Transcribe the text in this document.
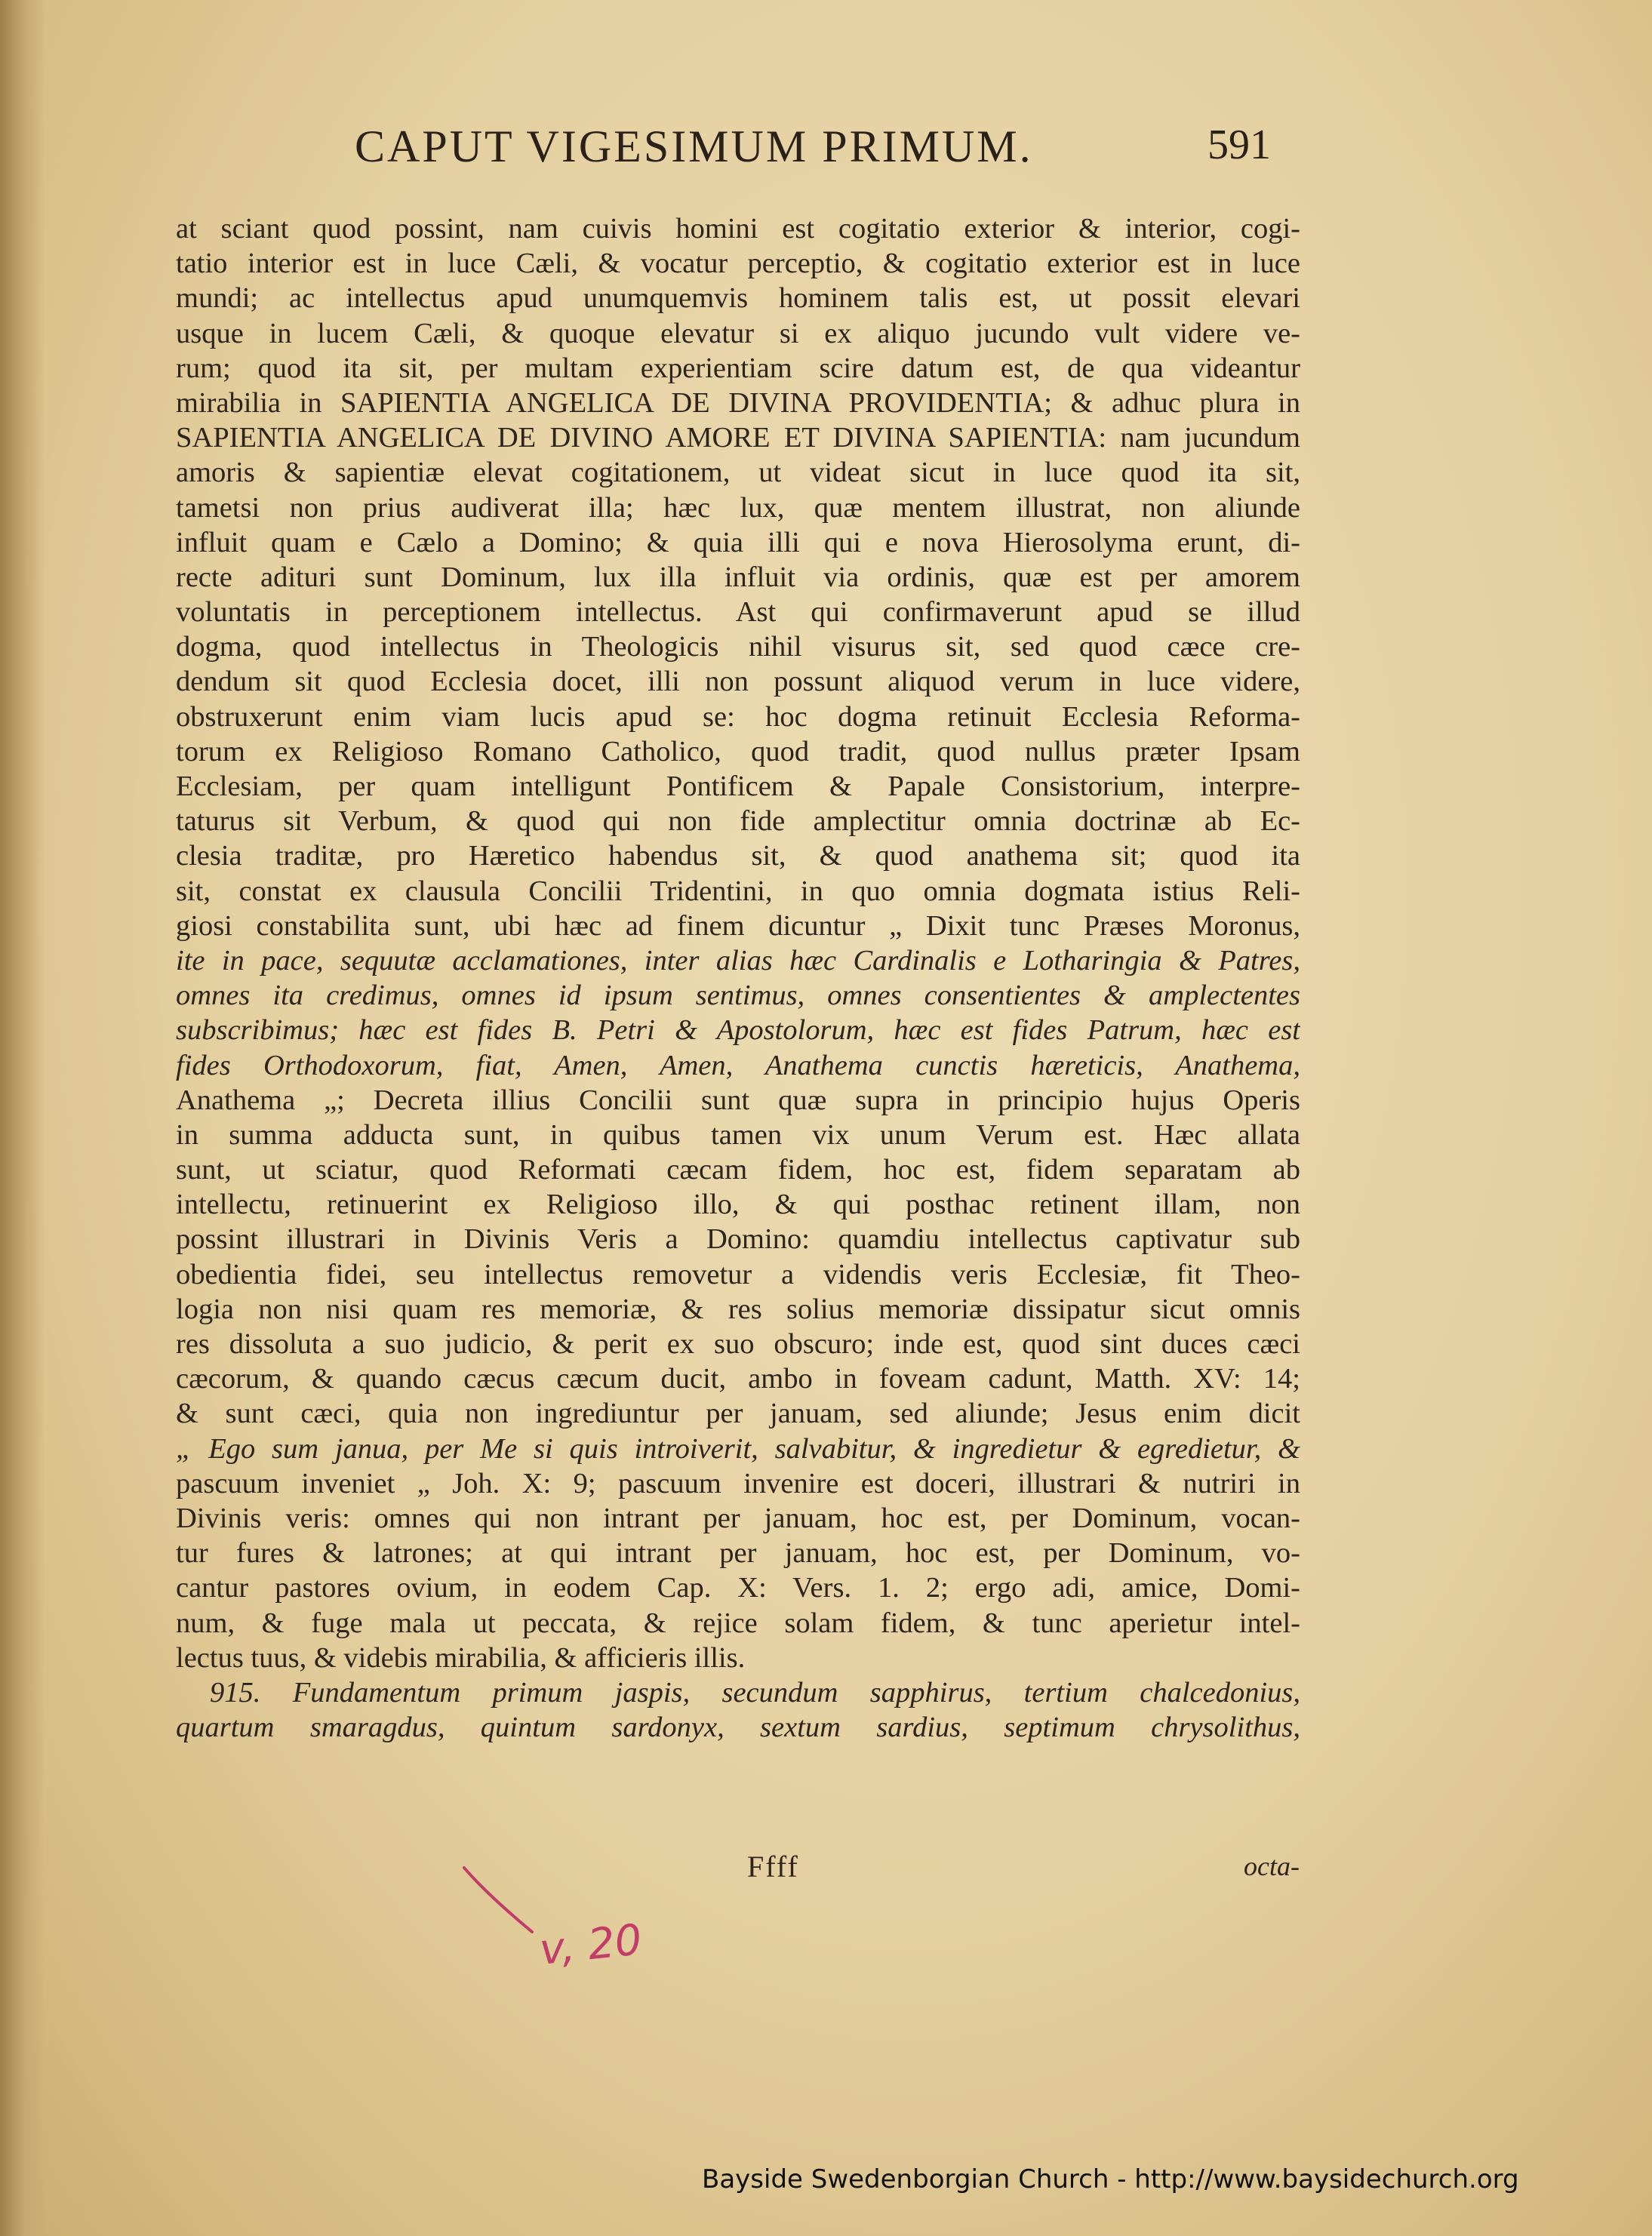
CAPUT VIGESIMUM PRIMUM.	591
at sciant quod possint, nam cuivis homini est cogitatio exterior & interior, cogi-
tatio interior est in luce Cæli, & vocatur perceptio, & cogitatio exterior est in luce
mundi; ac intellectus apud unumquemvis hominem talis est, ut possit elevari
usque in lucem Cæli, & quoque elevatur si ex aliquo jucundo vult videre ve-
rum; quod ita sit, per multam experientiam scire datum est, de qua videantur
mirabilia in SAPIENTIA ANGELICA DE DIVINA PROVIDENTIA; & adhuc plura in
SAPIENTIA ANGELICA DE DIVINO AMORE ET DIVINA SAPIENTIA: nam jucundum
amoris & sapientiæ elevat cogitationem, ut videat sicut in luce quod ita sit,
tametsi non prius audiverat illa; hæc lux, quæ mentem illustrat, non aliunde
influit quam e Cælo a Domino; & quia illi qui e nova Hierosolyma erunt, di-
recte adituri sunt Dominum, lux illa influit via ordinis, quæ est per amorem
voluntatis in perceptionem intellectus. Ast qui confirmaverunt apud se illud
dogma, quod intellectus in Theologicis nihil visurus sit, sed quod cæce cre-
dendum sit quod Ecclesia docet, illi non possunt aliquod verum in luce videre,
obstruxerunt enim viam lucis apud se: hoc dogma retinuit Ecclesia Reforma-
torum ex Religioso Romano Catholico, quod tradit, quod nullus præter Ipsam
Ecclesiam, per quam intelligunt Pontificem & Papale Consistorium, interpre-
taturus sit Verbum, & quod qui non fide amplectitur omnia doctrinæ ab Ec-
clesia traditæ, pro Hæretico habendus sit, & quod anathema sit; quod ita
sit, constat ex clausula Concilii Tridentini, in quo omnia dogmata istius Reli-
giosi constabilita sunt, ubi hæc ad finem dicuntur „ Dixit tunc Præses Moronus,
ite in pace, sequutæ acclamationes, inter alias hæc Cardinalis e Lotharingia & Patres,
omnes ita credimus, omnes id ipsum sentimus, omnes consentientes & amplectentes
subscribimus; hæc est fides B. Petri & Apostolorum, hæc est fides Patrum, hæc est
fides Orthodoxorum, fiat, Amen, Amen, Anathema cunctis hæreticis, Anathema,
Anathema „; Decreta illius Concilii sunt quæ supra in principio hujus Operis
in summa adducta sunt, in quibus tamen vix unum Verum est. Hæc allata
sunt, ut sciatur, quod Reformati cæcam fidem, hoc est, fidem separatam ab
intellectu, retinuerint ex Religioso illo, & qui posthac retinent illam, non
possint illustrari in Divinis Veris a Domino: quamdiu intellectus captivatur sub
obedientia fidei, seu intellectus removetur a videndis veris Ecclesiæ, fit Theo-
logia non nisi quam res memoriæ, & res solius memoriæ dissipatur sicut omnis
res dissoluta a suo judicio, & perit ex suo obscuro; inde est, quod sint duces cæci
cæcorum, & quando cæcus cæcum ducit, ambo in foveam cadunt, Matth. XV: 14;
& sunt cæci, quia non ingrediuntur per januam, sed aliunde; Jesus enim dicit
„ Ego sum janua, per Me si quis introiverit, salvabitur, & ingredietur & egredietur, &
pascuum inveniet „ Joh. X: 9; pascuum invenire est doceri, illustrari & nutriri in
Divinis veris: omnes qui non intrant per januam, hoc est, per Dominum, vocan-
tur fures & latrones; at qui intrant per januam, hoc est, per Dominum, vo-
cantur pastores ovium, in eodem Cap. X: Vers. 1. 2; ergo adi, amice, Domi-
num, & fuge mala ut peccata, & rejice solam fidem, & tunc aperietur intel-
lectus tuus, & videbis mirabilia, & afficieris illis.
915. Fundamentum primum jaspis, secundum sapphirus, tertium chalcedonius,
quartum smaragdus, quintum sardonyx, sextum sardius, septimum chrysolithus,
Ffff	octa-
v, 20
Bayside Swedenborgian Church - http://www.baysidechurch.org
